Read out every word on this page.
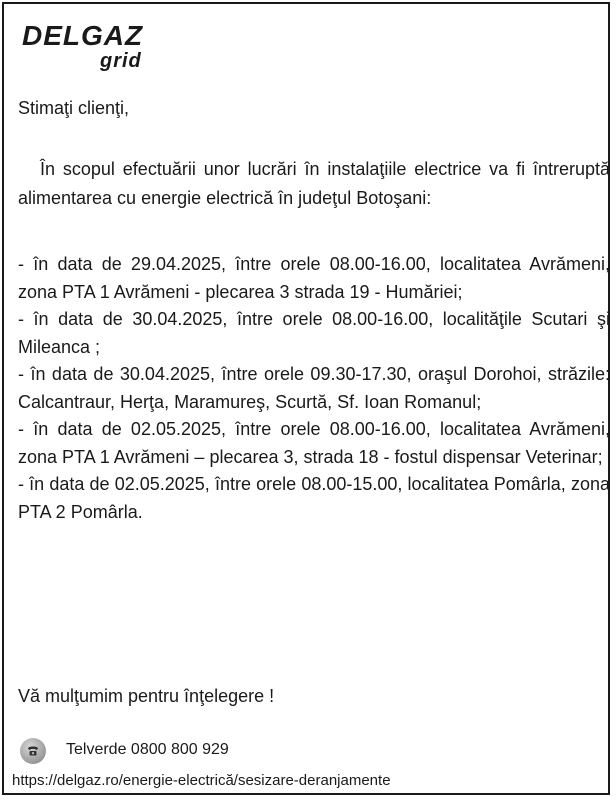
DELGAZ
grid

Stimaţi clienţi,

În scopul efectuării unor lucrări în instalaţiile electrice va fi întreruptă alimentarea cu energie electrică în judeţul Botoşani:

- în data de 29.04.2025, între orele 08.00-16.00, localitatea Avrămeni, zona PTA 1 Avrămeni - plecarea 3 strada 19 - Humăriei;

- în data de 30.04.2025, între orele 08.00-16.00, localităţile Scutari şi Mileanca ;

- în data de 30.04.2025, între orele 09.30-17.30, oraşul Dorohoi, străzile: Calcantraur, Herţa, Maramureş, Scurtă, Sf. Ioan Romanul;

- în data de 02.05.2025, între orele 08.00-16.00, localitatea Avrămeni, zona PTA 1 Avrămeni – plecarea 3, strada 18 - fostul dispensar Veterinar;

- în data de 02.05.2025, între orele 08.00-15.00, localitatea Pomârla, zona PTA 2 Pomârla.

Vă mulţumim pentru înţelegere !

Telverde 0800 800 929
https://delgaz.ro/energie-electrică/sesizare-deranjamente
